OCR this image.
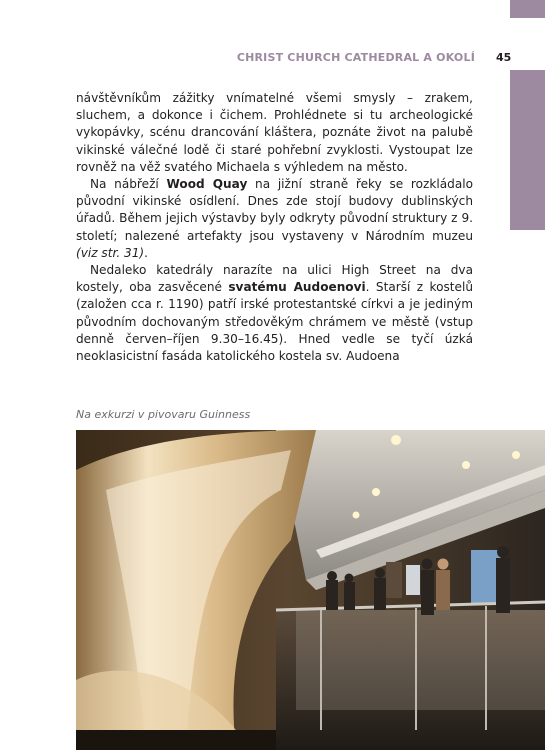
CHRIST CHURCH CATHEDRAL A OKOLÍ 45

návštěvníkům zážitky vnímatelné všemi smysly – zrakem, sluchem, a dokonce i čichem. Prohlédnete si tu archeologické vykopávky, scénu drancování kláštera, poznáte život na palubě vikinské válečné lodě či staré pohřební zvyklosti. Vystoupat lze rovněž na věž svatého Michaela s výhledem na město.

Na nábřeží Wood Quay na jižní straně řeky se rozkládalo původní vikinské osídlení. Dnes zde stojí budovy dublinských úřadů. Během jejich výstavby byly odkryty původní struktury z 9. století; nalezené artefakty jsou vystaveny v Národním muzeu (viz str. 31).

Nedaleko katedrály narazíte na ulici High Street na dva kostely, oba zasvěcené svatému Audoenovi. Starší z kostelů (založen cca r. 1190) patří irské protestantské církvi a je jediným původním dochovaným středověkým chrámem ve městě (vstup denně červen–říjen 9.30–16.45). Hned vedle se tyčí úzká neoklasicistní fasáda katolického kostela sv. Audoena

Na exkurzi v pivovaru Guinness
